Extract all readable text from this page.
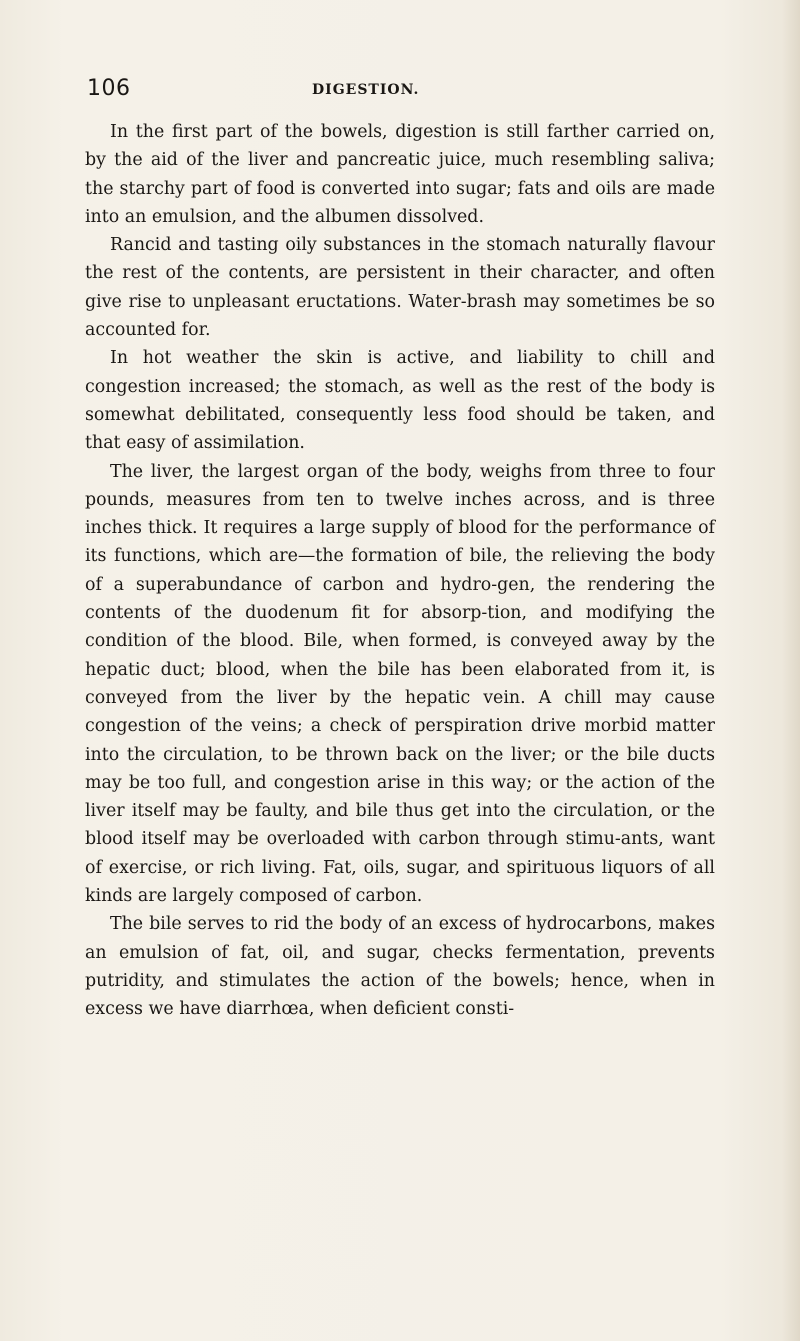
106	DIGESTION.

In the first part of the bowels, digestion is still farther carried on, by the aid of the liver and pancreatic juice, much resembling saliva; the starchy part of food is converted into sugar; fats and oils are made into an emulsion, and the albumen dissolved.

Rancid and tasting oily substances in the stomach naturally flavour the rest of the contents, are persistent in their character, and often give rise to unpleasant eructations. Water-brash may sometimes be so accounted for.

In hot weather the skin is active, and liability to chill and congestion increased; the stomach, as well as the rest of the body is somewhat debilitated, consequently less food should be taken, and that easy of assimilation.

The liver, the largest organ of the body, weighs from three to four pounds, measures from ten to twelve inches across, and is three inches thick. It requires a large supply of blood for the performance of its functions, which are—the formation of bile, the relieving the body of a superabundance of carbon and hydro-gen, the rendering the contents of the duodenum fit for absorp-tion, and modifying the condition of the blood. Bile, when formed, is conveyed away by the hepatic duct; blood, when the bile has been elaborated from it, is conveyed from the liver by the hepatic vein. A chill may cause congestion of the veins; a check of perspiration drive morbid matter into the circulation, to be thrown back on the liver; or the bile ducts may be too full, and congestion arise in this way; or the action of the liver itself may be faulty, and bile thus get into the circulation, or the blood itself may be overloaded with carbon through stimu-ants, want of exercise, or rich living. Fat, oils, sugar, and spirituous liquors of all kinds are largely composed of carbon.

The bile serves to rid the body of an excess of hydrocarbons, makes an emulsion of fat, oil, and sugar, checks fermentation, prevents putridity, and stimulates the action of the bowels; hence, when in excess we have diarrhœa, when deficient consti-
